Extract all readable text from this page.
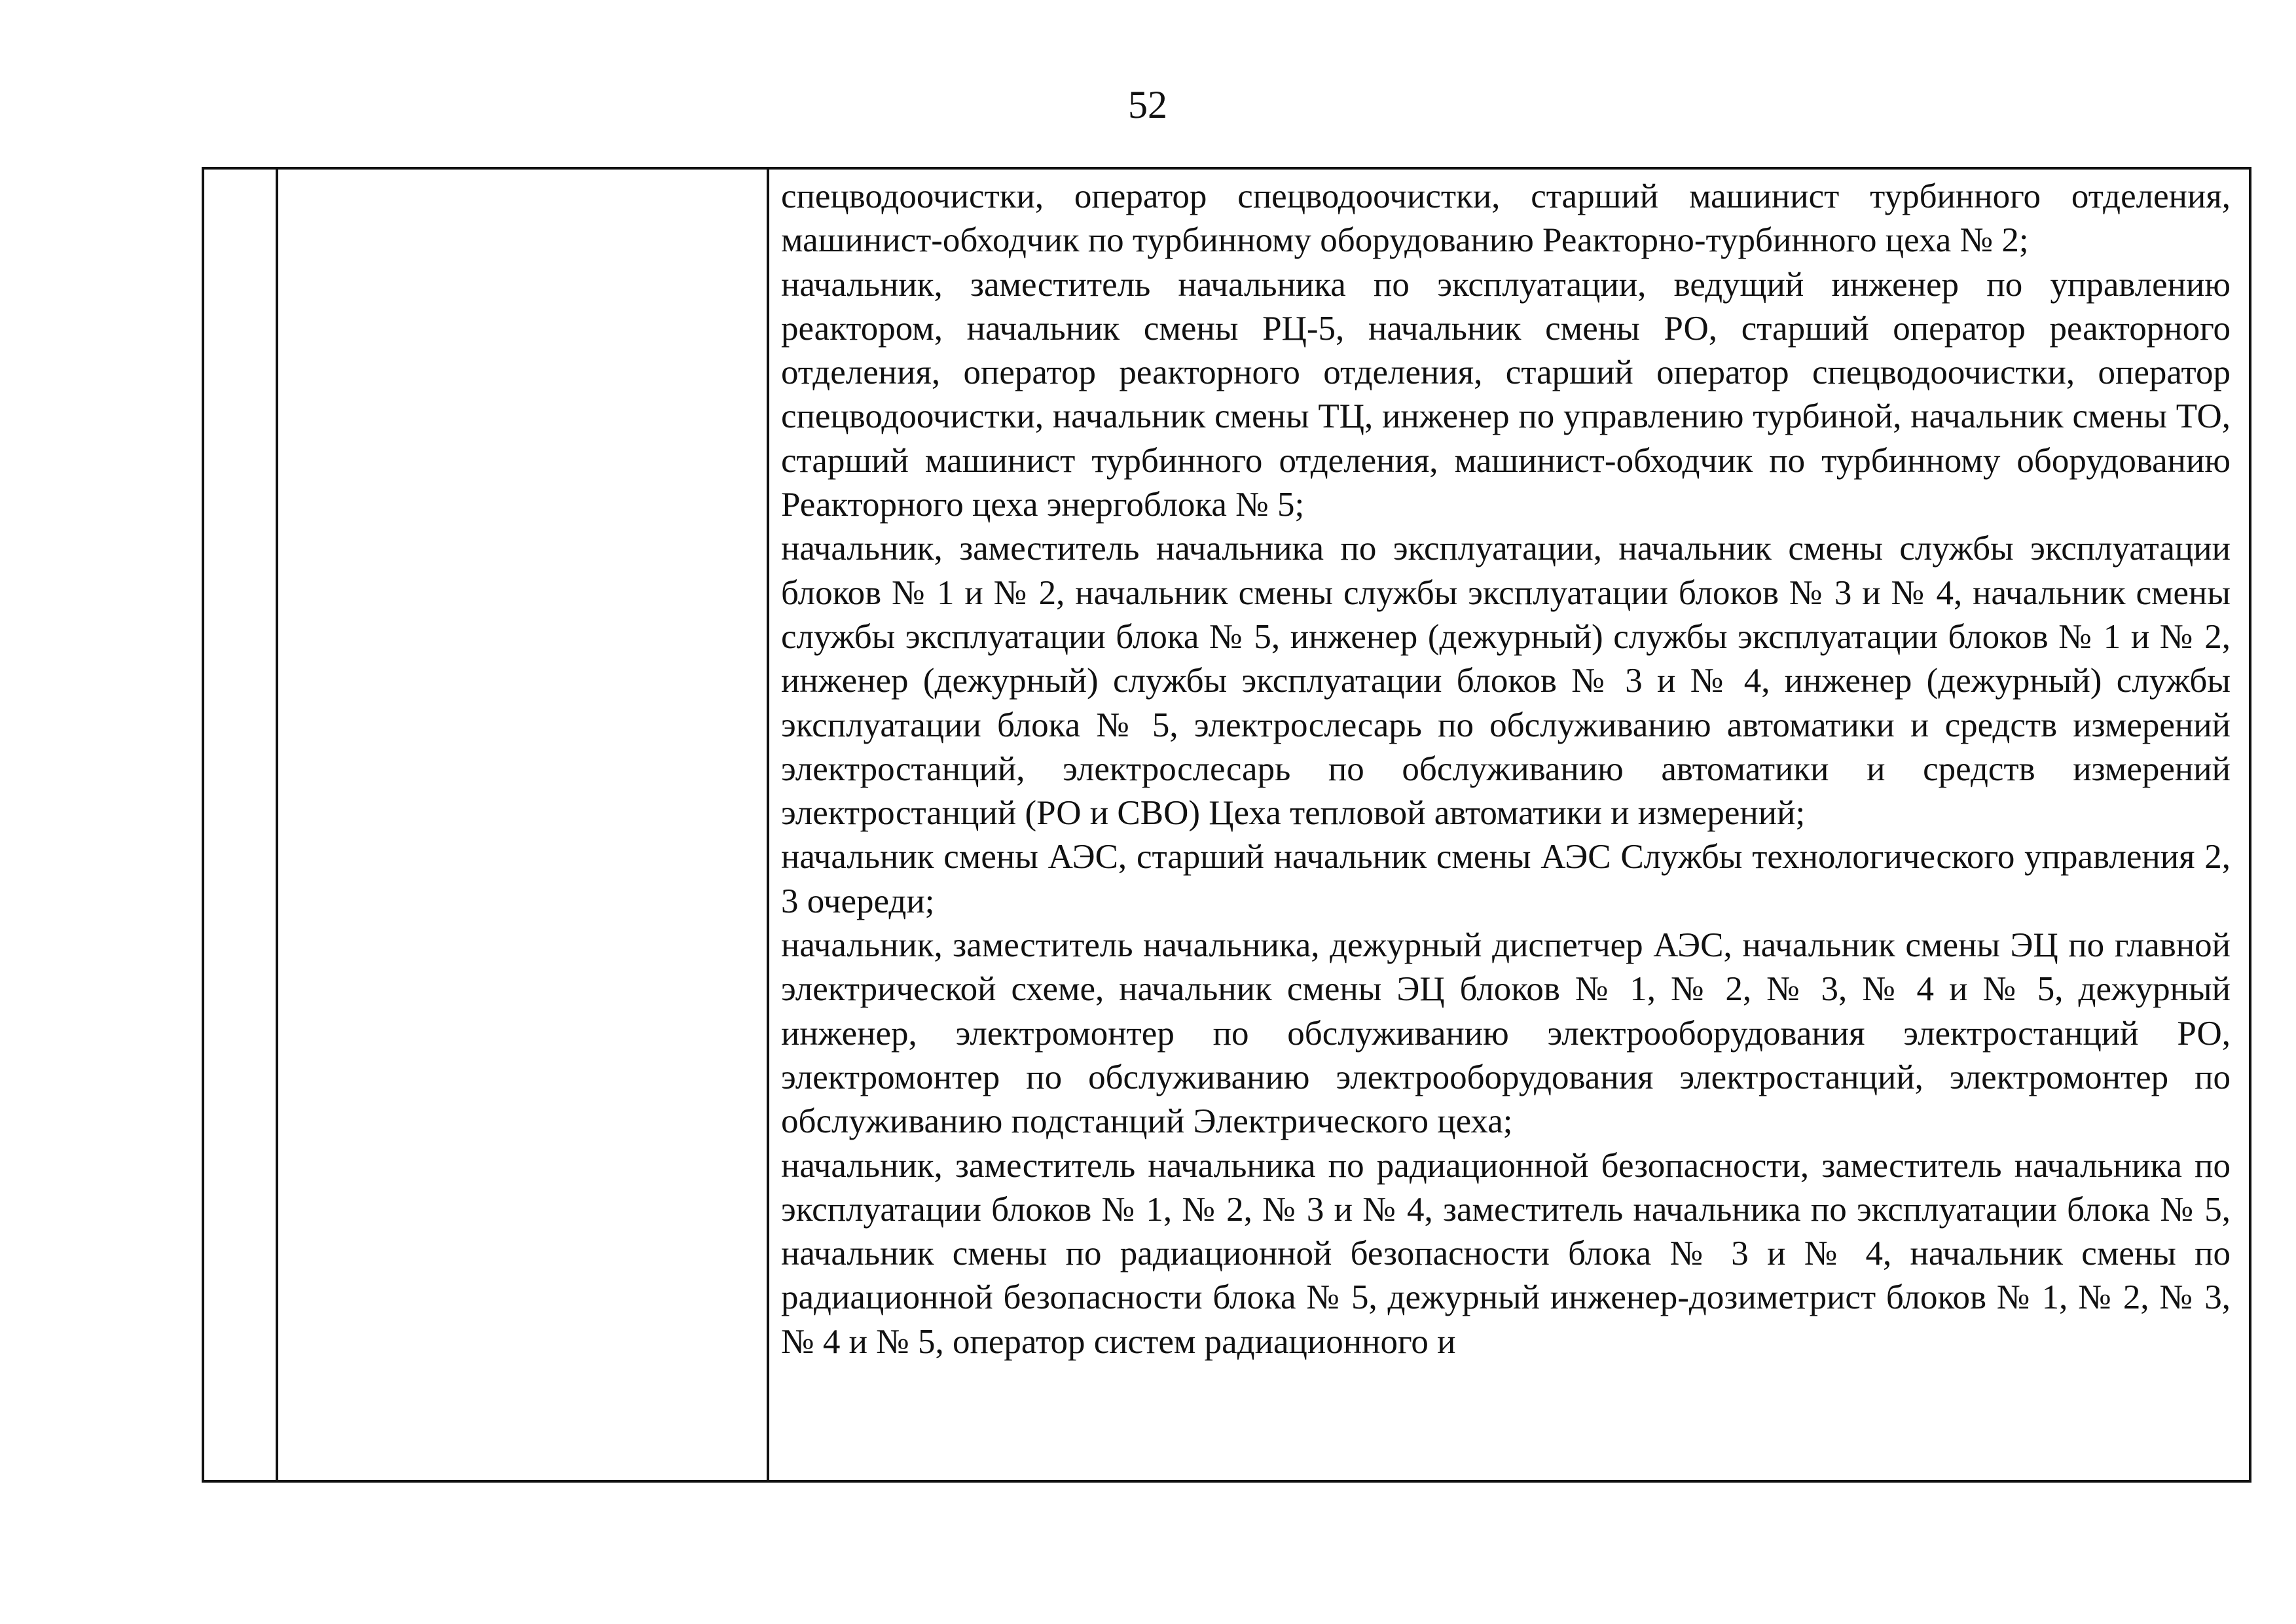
52

спецводоочистки, оператор спецводоочистки, старший машинист турбинного отделения, машинист-обходчик по турбинному оборудованию Реакторно-турбинного цеха № 2;

начальник, заместитель начальника по эксплуатации, ведущий инженер по управлению реактором, начальник смены РЦ-5, начальник смены РО, старший оператор реакторного отделения, оператор реакторного отделения, старший оператор спецводоочистки, оператор спецводоочистки, начальник смены ТЦ, инженер по управлению турбиной, начальник смены ТО, старший машинист турбинного отделения, машинист-обходчик по турбинному оборудованию Реакторного цеха энергоблока № 5;

начальник, заместитель начальника по эксплуатации, начальник смены службы эксплуатации блоков № 1 и № 2, начальник смены службы эксплуатации блоков № 3 и № 4, начальник смены службы эксплуатации блока № 5, инженер (дежурный) службы эксплуатации блоков № 1 и № 2, инженер (дежурный) службы эксплуатации блоков № 3 и № 4, инженер (дежурный) службы эксплуатации блока № 5, электрослесарь по обслуживанию автоматики и средств измерений электростанций, электрослесарь по обслуживанию автоматики и средств измерений электростанций (РО и СВО) Цеха тепловой автоматики и измерений;

начальник смены АЭС, старший начальник смены АЭС Службы технологического управления 2, 3 очереди;

начальник, заместитель начальника, дежурный диспетчер АЭС, начальник смены ЭЦ по главной электрической схеме, начальник смены ЭЦ блоков № 1, № 2, № 3, № 4 и № 5, дежурный инженер, электромонтер по обслуживанию электрооборудования электростанций РО, электромонтер по обслуживанию электрооборудования электростанций, электромонтер по обслуживанию подстанций Электрического цеха;

начальник, заместитель начальника по радиационной безопасности, заместитель начальника по эксплуатации блоков № 1, № 2, № 3 и № 4, заместитель начальника по эксплуатации блока № 5, начальник смены по радиационной безопасности блока № 3 и № 4, начальник смены по радиационной безопасности блока № 5, дежурный инженер-дозиметрист блоков № 1, № 2, № 3, № 4 и № 5, оператор систем радиационного и
